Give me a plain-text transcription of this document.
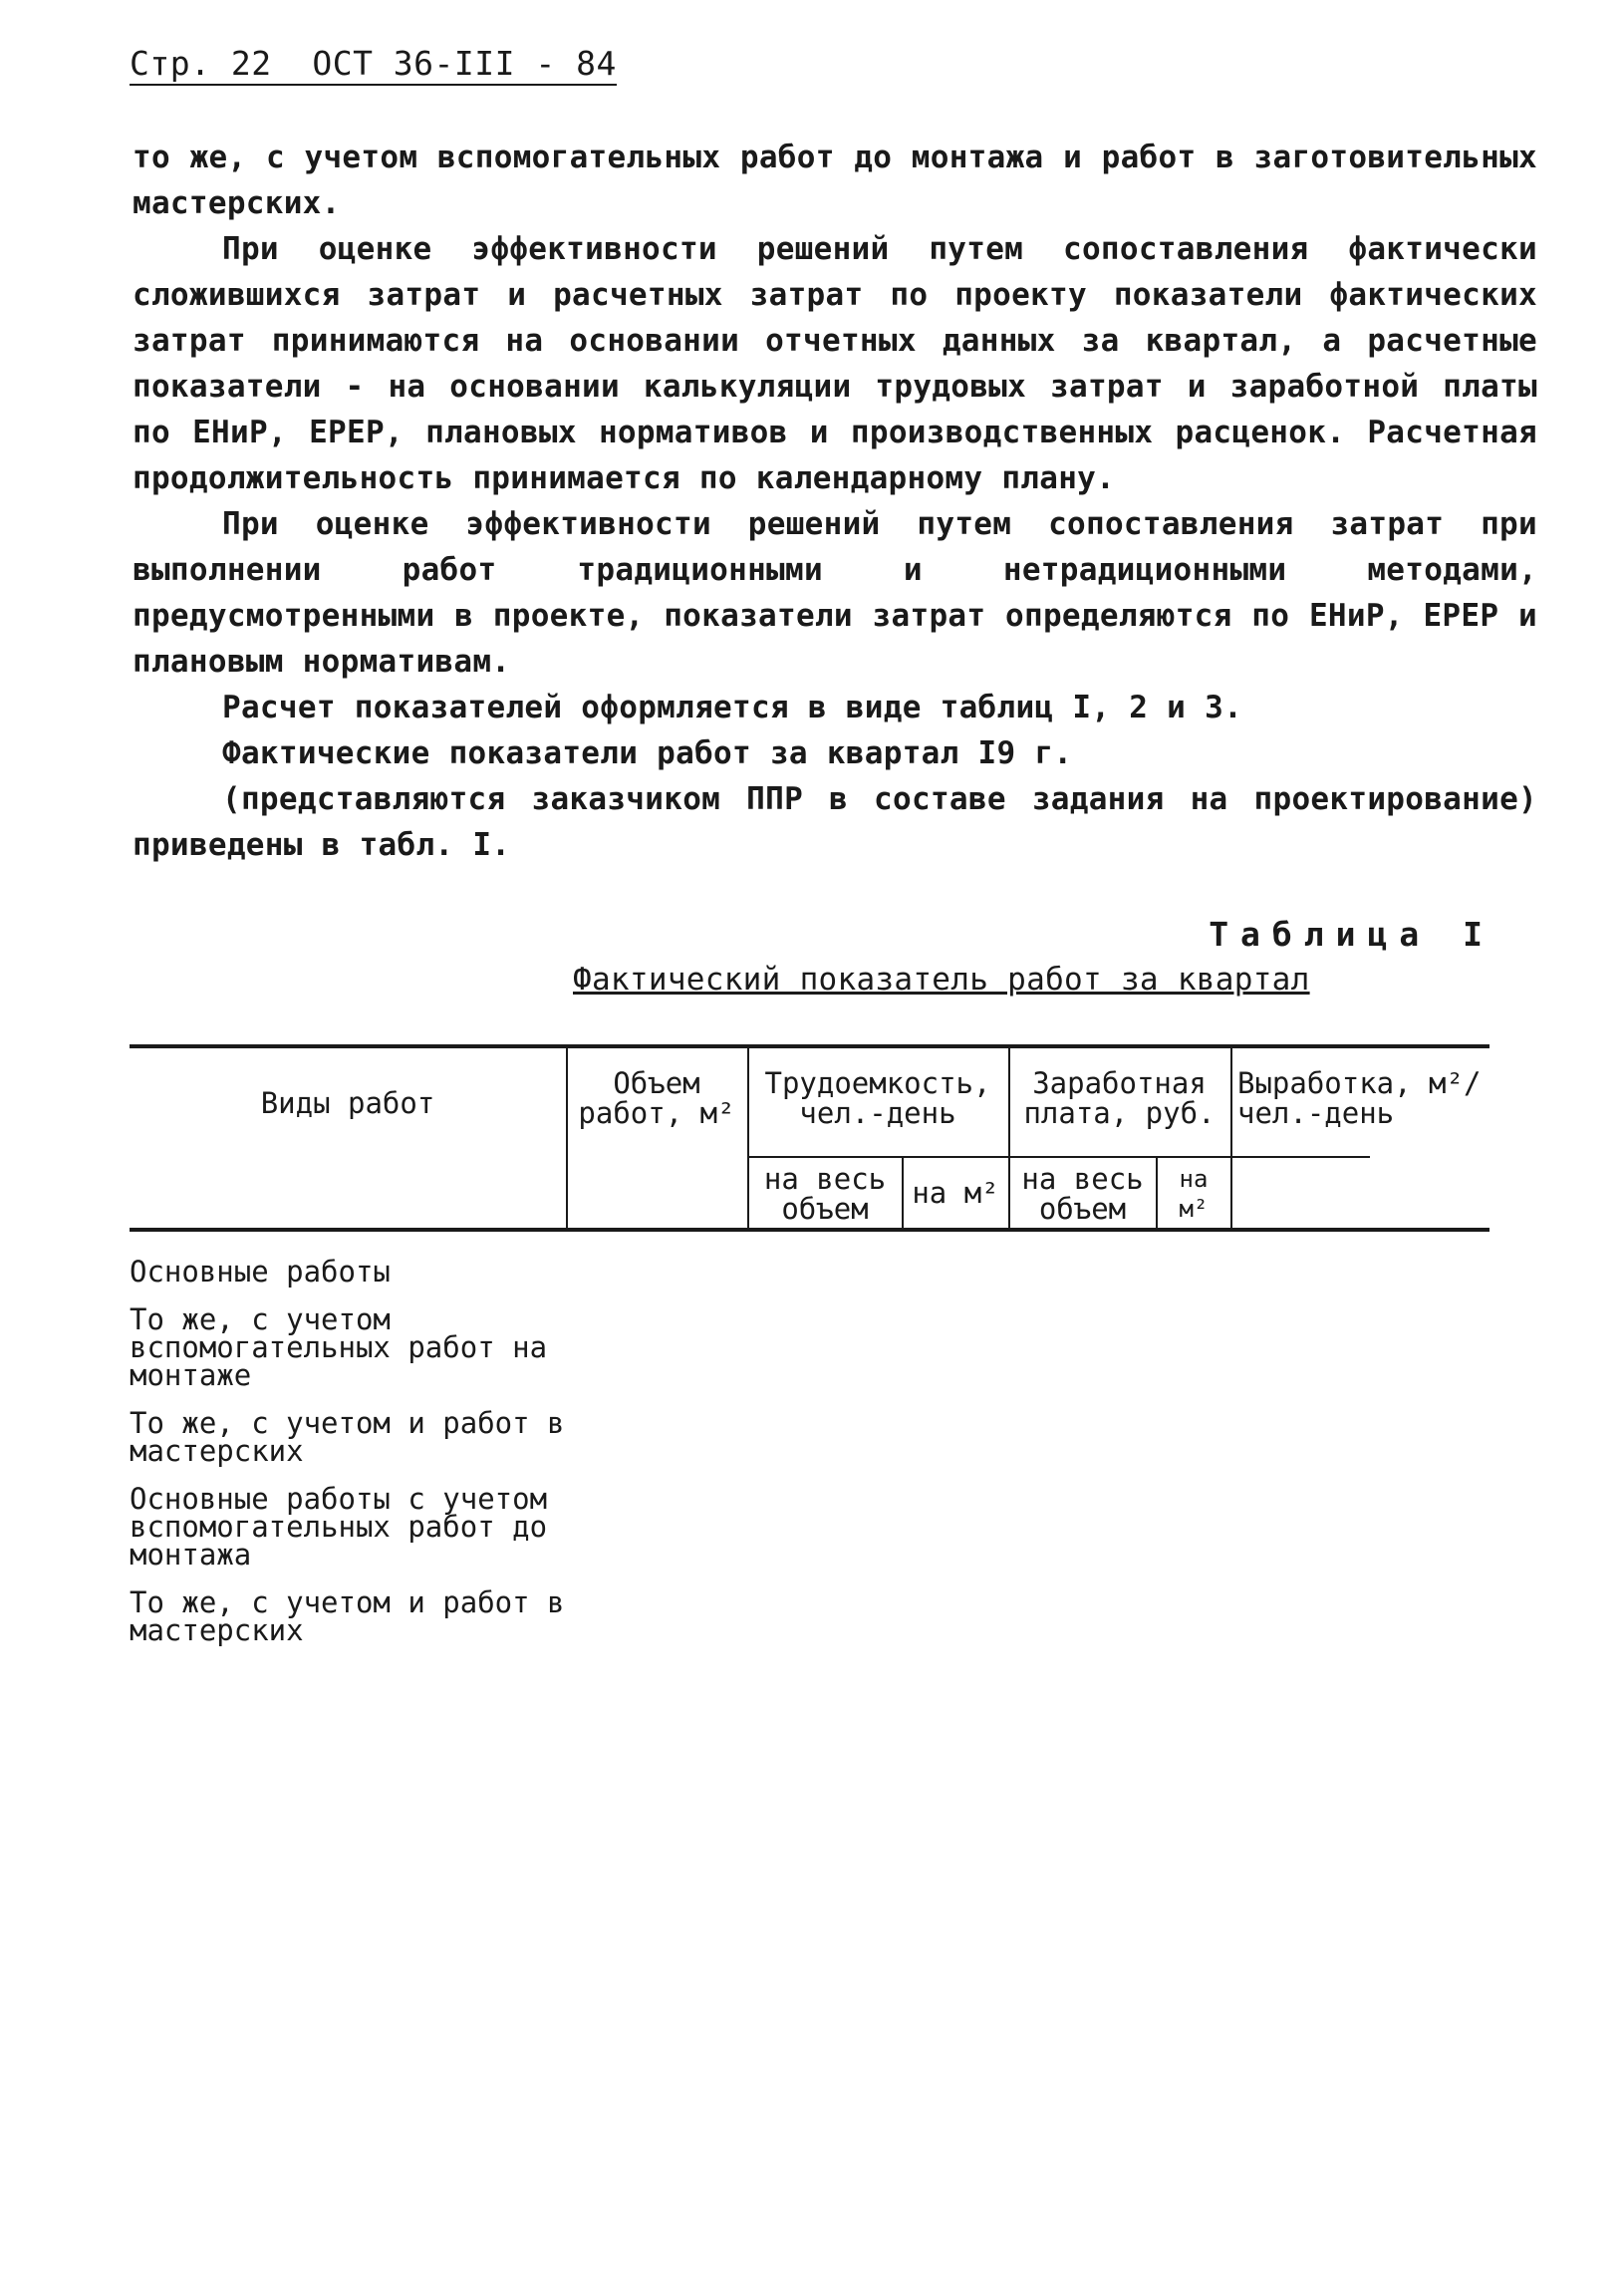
Стр. 22 ОСТ 36-III - 84

то же, с учетом вспомогательных работ до монтажа и работ в заготовительных мастерских.

При оценке эффективности решений путем сопоставления фактически сложившихся затрат и расчетных затрат по проекту показатели фактических затрат принимаются на основании отчетных данных за квартал, а расчетные показатели - на основании калькуляции трудовых затрат и заработной платы по ЕНиР, ЕРЕР, плановых нормативов и производственных расценок. Расчетная продолжительность принимается по календарному плану.

При оценке эффективности решений путем сопоставления затрат при выполнении работ традиционными и нетрадиционными методами, предусмотренными в проекте, показатели затрат определяются по ЕНиР, ЕРЕР и плановым нормативам.

Расчет показателей оформляется в виде таблиц I, 2 и 3.

Фактические показатели работ за квартал I9 г.

(представляются заказчиком ППР в составе задания на проектирование) приведены в табл. I.

Таблица I
Фактический показатель работ за квартал
Виды работ
Объем работ, м²
Трудоемкость, чел.-день
Заработная плата, руб.
Выработка, м²/чел.-день
на весь объем	на м² на весь объем
на м²
Основные работы
То же, с учетом вспомогательных работ на монтаже
То же, с учетом и работ в мастерских
Основные работы с учетом вспомогательных работ до монтажа
То же, с учетом и работ в мастерских
